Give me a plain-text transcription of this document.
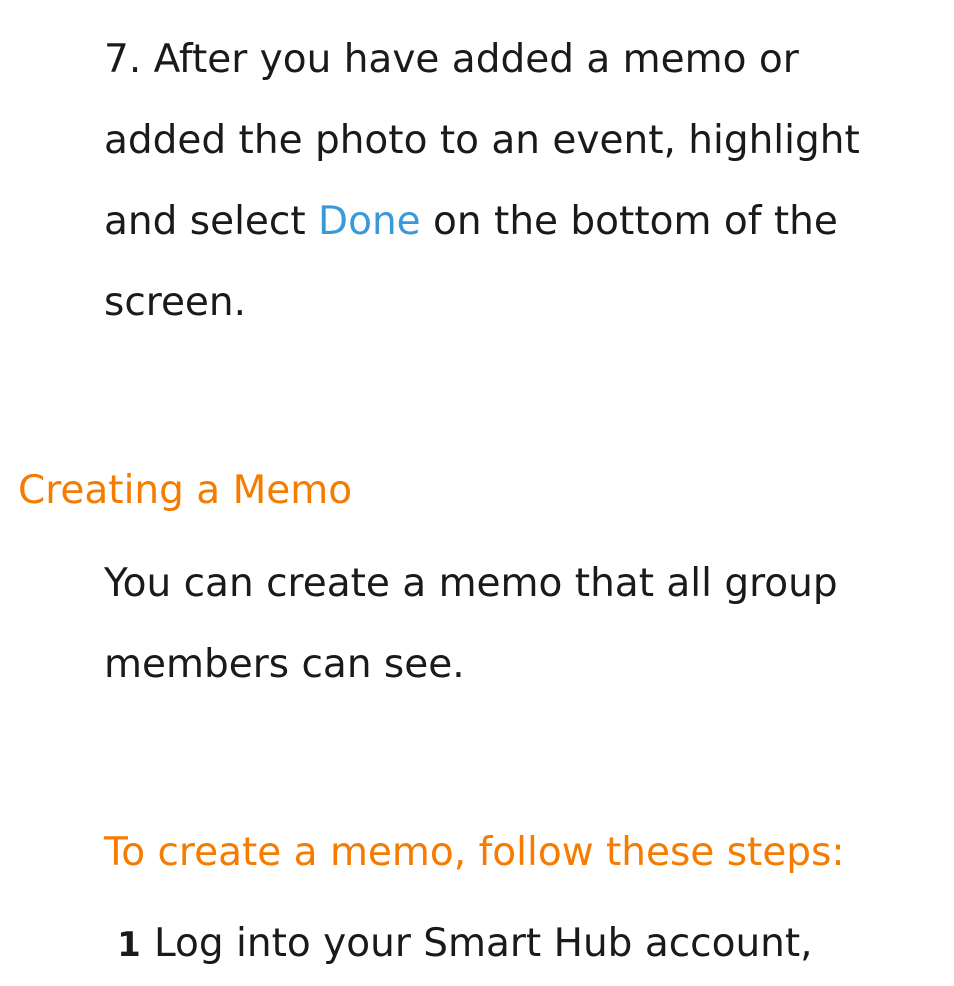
7. After you have added a memo or added the photo to an event, highlight and select Done on the bottom of the screen.

Creating a Memo

You can create a memo that all group members can see.

To create a memo, follow these steps:

1 Log into your Smart Hub account,
